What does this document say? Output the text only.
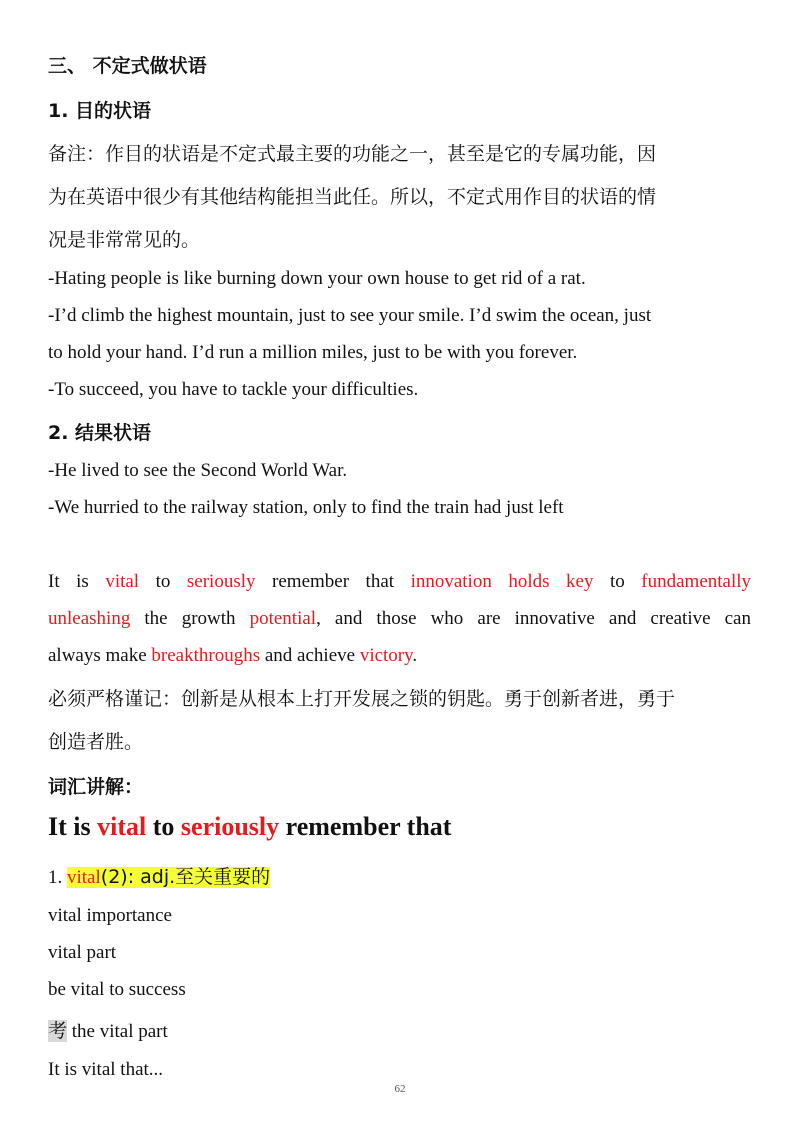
三、 不定式做状语
1. 目的状语
备注：作目的状语是不定式最主要的功能之一，甚至是它的专属功能，因
为在英语中很少有其他结构能担当此任。所以，不定式用作目的状语的情
况是非常常见的。
-Hating people is like burning down your own house to get rid of a rat.
-I’d climb the highest mountain, just to see your smile. I’d swim the ocean, just
to hold your hand. I’d run a million miles, just to be with you forever.
-To succeed, you have to tackle your difficulties.
2. 结果状语
-He lived to see the Second World War.
-We hurried to the railway station, only to find the train had just left
It is vital to seriously remember that innovation holds key to fundamentally
unleashing the growth potential, and those who are innovative and creative can
always make breakthroughs and achieve victory.
必须严格谨记：创新是从根本上打开发展之锁的钥匙。勇于创新者进，勇于
创造者胜。
词汇讲解：
It is vital to seriously remember that
1. vital(2): adj.至关重要的
vital importance
vital part
be vital to success
考 the vital part
It is vital that...
62
